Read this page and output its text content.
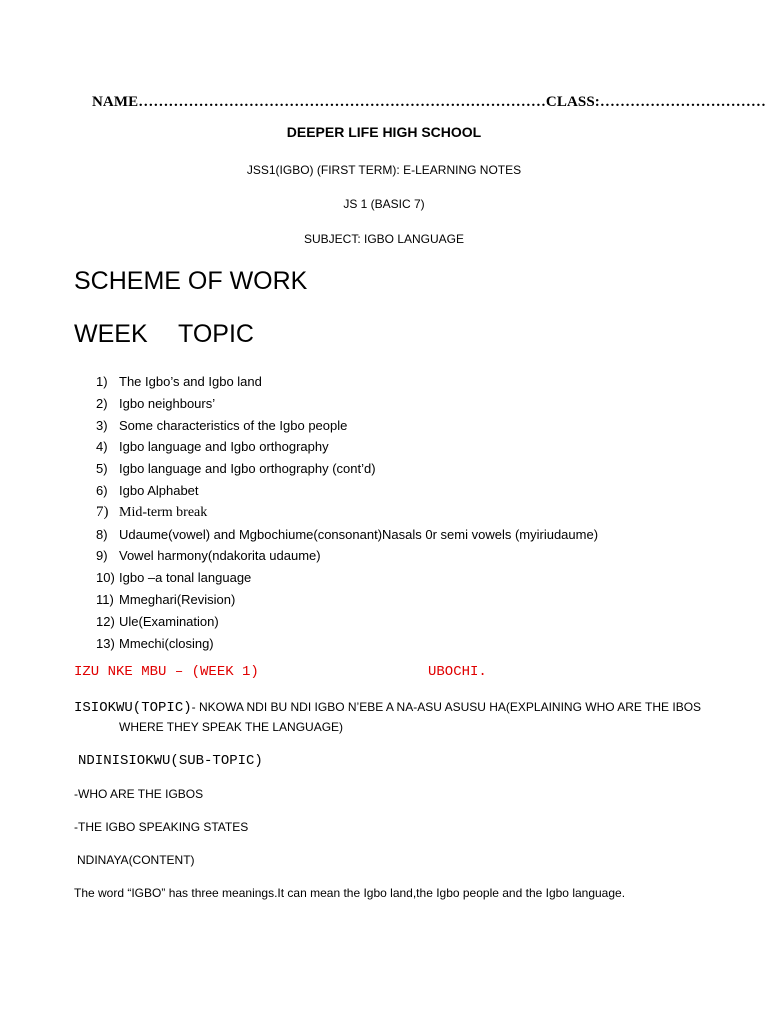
NAME………………………………………………………………………CLASS:……………………………
DEEPER LIFE HIGH SCHOOL
JSS1(IGBO) (FIRST TERM): E-LEARNING NOTES
JS 1 (BASIC 7)
SUBJECT: IGBO LANGUAGE
SCHEME OF WORK
WEEK TOPIC
1) The Igbo’s and Igbo land
2) Igbo neighbours’
3) Some characteristics of the Igbo people
4) Igbo language and Igbo orthography
5) Igbo language and Igbo orthography (cont’d)
6) Igbo Alphabet
7) Mid-term break
8) Udaume(vowel) and Mgbochiume(consonant)Nasals 0r semi vowels (myiriudaume)
9) Vowel harmony(ndakorita udaume)
10) Igbo –a tonal language
11) Mmeghari(Revision)
12) Ule(Examination)
13) Mmechi(closing)
IZU NKE MBU – (WEEK 1)	UBOCHI.
ISIOKWU(TOPIC)- NKOWA NDI BU NDI IGBO N’EBE A NA-ASU ASUSU HA(EXPLAINING WHO ARE THE IBOS
WHERE THEY SPEAK THE LANGUAGE)
NDINISIOKWU(SUB-TOPIC)
-WHO ARE THE IGBOS
-THE IGBO SPEAKING STATES
NDINAYA(CONTENT)
The word “IGBO” has three meanings.It can mean the Igbo land,the Igbo people and the Igbo language.
